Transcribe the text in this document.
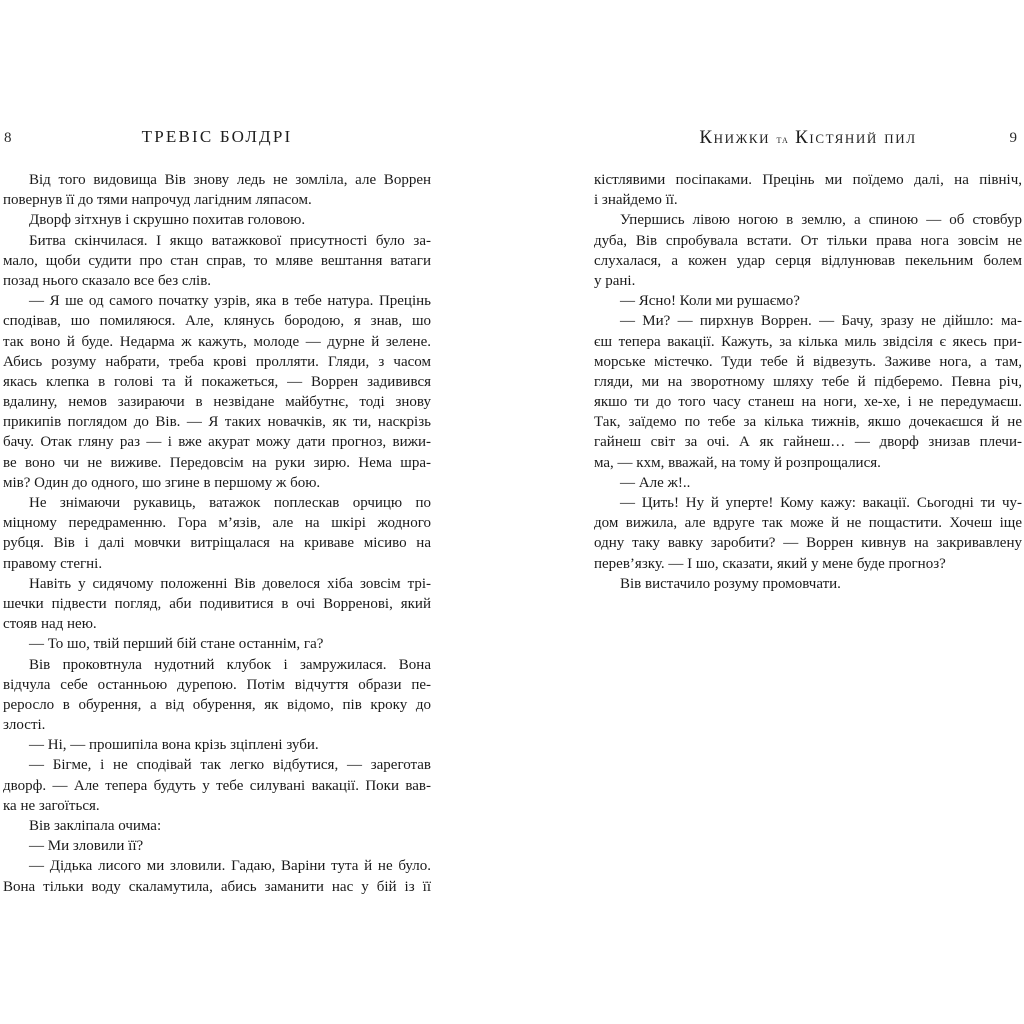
8	ТРЕВІС БОЛДРІ
Від того видовища Вів знову ледь не зомліла, але Воррен
повернув її до тями напрочуд лагідним ляпасом.
Дворф зітхнув і скрушно похитав головою.
Битва скінчилася. І якщо ватажкової присутності було за-
мало, щоби судити про стан справ, то мляве вештання ватаги
позад нього сказало все без слів.
— Я ше од самого початку узрів, яка в тебе натура. Прецінь
сподівав, шо помиляюся. Але, клянусь бородою, я знав, шо
так воно й буде. Недарма ж кажуть, молоде — дурне й зелене.
Абись розуму набрати, треба крові пролляти. Гляди, з часом
якась клепка в голові та й покажеться, — Воррен задивився
вдалину, немов зазираючи в незвідане майбутнє, тоді знову
прикипів поглядом до Вів. — Я таких новачків, як ти, наскрізь
бачу. Отак гляну раз — і вже акурат можу дати прогноз, вижи-
ве воно чи не виживе. Передовсім на руки зирю. Нема шра-
мів? Один до одного, шо згине в першому ж бою.
Не знімаючи рукавиць, ватажок поплескав орчицю по
міцному передраменню. Гора м’язів, але на шкірі жодного
рубця. Вів і далі мовчки витріщалася на криваве місиво на
правому стегні.
Навіть у сидячому положенні Вів довелося хіба зовсім трі-
шечки підвести погляд, аби подивитися в очі Ворренові, який
стояв над нею.
— То шо, твій перший бій стане останнім, га?
Вів проковтнула нудотний клубок і замружилася. Вона
відчула себе останньою дурепою. Потім відчуття образи пе-
реросло в обурення, а від обурення, як відомо, пів кроку до
злості.
— Ні, — прошипіла вона крізь зціплені зуби.
— Бігме, і не сподівай так легко відбутися, — зареготав
дворф. — Але тепера будуть у тебе силувані вакації. Поки вав-
ка не загоїться.
Вів закліпала очима:
— Ми зловили її?
— Дідька лисого ми зловили. Гадаю, Варіни тута й не було.
Вона тільки воду скаламутила, абись заманити нас у бій із її
Книжки та Кістяний пил	9
кістлявими посіпаками. Прецінь ми поїдемо далі, на північ,
і знайдемо її.
Упершись лівою ногою в землю, а спиною — об стовбур
дуба, Вів спробувала встати. От тільки права нога зовсім не
слухалася, а кожен удар серця відлунював пекельним болем
у рані.
— Ясно! Коли ми рушаємо?
— Ми? — пирхнув Воррен. — Бачу, зразу не дійшло: ма-
єш тепера вакації. Кажуть, за кілька миль звідсіля є якесь при-
морське містечко. Туди тебе й відвезуть. Заживе нога, а там,
гляди, ми на зворотному шляху тебе й підберемо. Певна річ,
якшо ти до того часу станеш на ноги, хе-хе, і не передумаєш.
Так, заїдемо по тебе за кілька тижнів, якшо дочекаєшся й не
гайнеш світ за очі. А як гайнеш… — дворф знизав плечи-
ма, — кхм, вважай, на тому й розпрощалися.
— Але ж!..
— Цить! Ну й уперте! Кому кажу: вакації. Сьогодні ти чу-
дом вижила, але вдруге так може й не пощастити. Хочеш іще
одну таку вавку заробити? — Воррен кивнув на закривавлену
перев’язку. — І шо, сказати, який у мене буде прогноз?
Вів вистачило розуму промовчати.
